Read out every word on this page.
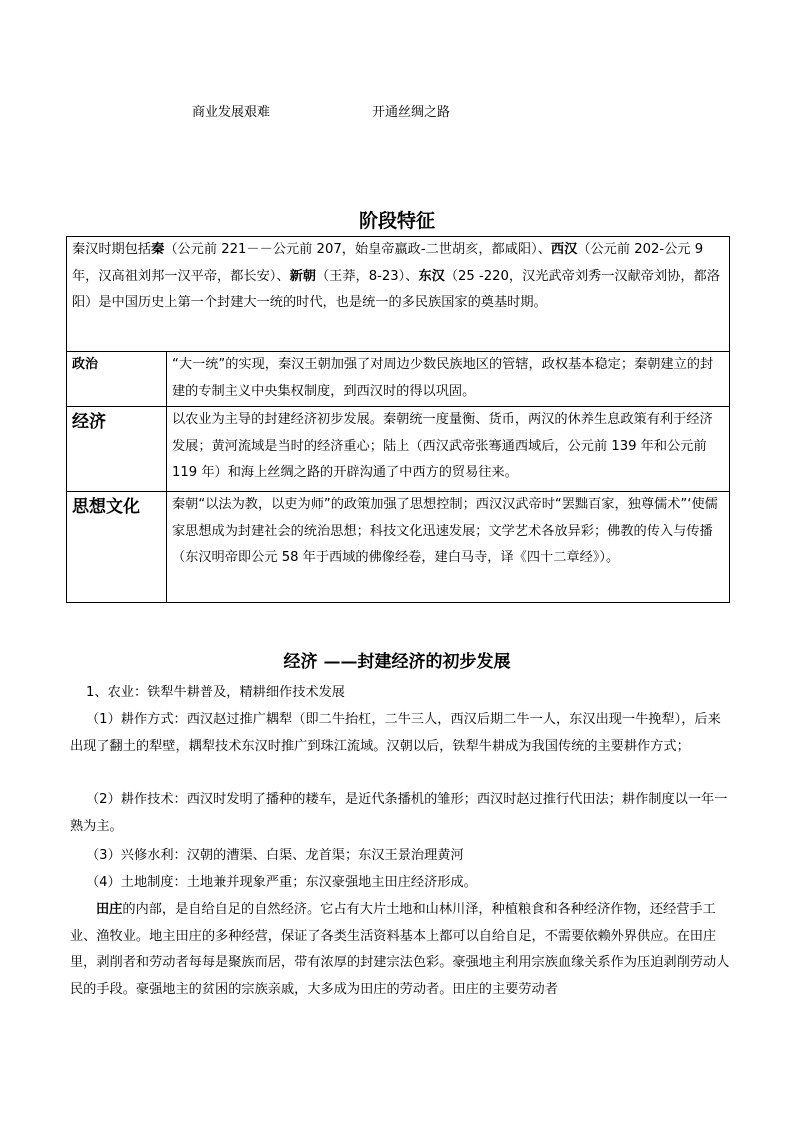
商业发展艰难	开通丝绸之路
阶段特征
秦汉时期包括秦（公元前 221－－公元前 207，始皇帝嬴政-二世胡亥，都咸阳）、西汉（公元前 202-公元 9 年，汉高祖刘邦一汉平帝，都长安）、新朝（王莽，8-23）、东汉（25 -220，汉光武帝刘秀一汉献帝刘协，都洛阳）是中国历史上第一个封建大一统的时代，也是统一的多民族国家的奠基时期。	
政治	“大一统”的实现，秦汉王朝加强了对周边少数民族地区的管辖，政权基本稳定；秦朝建立的封建的专制主义中央集权制度，到西汉时的得以巩固。
经济	以农业为主导的封建经济初步发展。秦朝统一度量衡、货币，两汉的休养生息政策有利于经济发展；黄河流域是当时的经济重心；陆上（西汉武帝张骞通西域后，公元前 139 年和公元前 119 年）和海上丝绸之路的开辟沟通了中西方的贸易往来。
思想文化	秦朝“以法为教，以吏为师”的政策加强了思想控制；西汉汉武帝时“罢黜百家，独尊儒术”‘使儒家思想成为封建社会的统治思想；科技文化迅速发展；文学艺术各放异彩；佛教的传入与传播（东汉明帝即公元 58 年于西域的佛像经卷，建白马寺，译《四十二章经》）。
经济 ——封建经济的初步发展
1、农业：铁犁牛耕普及，精耕细作技术发展
（1）耕作方式：西汉赵过推广耦犁（即二牛抬杠，二牛三人，西汉后期二牛一人，东汉出现一牛挽犁），后来出现了翻土的犁壁，耦犁技术东汉时推广到珠江流域。汉朝以后，铁犁牛耕成为我国传统的主要耕作方式；
（2）耕作技术：西汉时发明了播种的耧车，是近代条播机的雏形；西汉时赵过推行代田法；耕作制度以一年一熟为主。
（3）兴修水利：汉朝的漕渠、白渠、龙首渠；东汉王景治理黄河
（4）土地制度：土地兼并现象严重；东汉豪强地主田庄经济形成。
田庄的内部，是自给自足的自然经济。它占有大片土地和山林川泽，种植粮食和各种经济作物，还经营手工业、渔牧业。地主田庄的多种经营，保证了各类生活资料基本上都可以自给自足，不需要依赖外界供应。在田庄里，剥削者和劳动者每每是聚族而居，带有浓厚的封建宗法色彩。豪强地主利用宗族血缘关系作为压迫剥削劳动人民的手段。豪强地主的贫困的宗族亲戚，大多成为田庄的劳动者。田庄的主要劳动者
